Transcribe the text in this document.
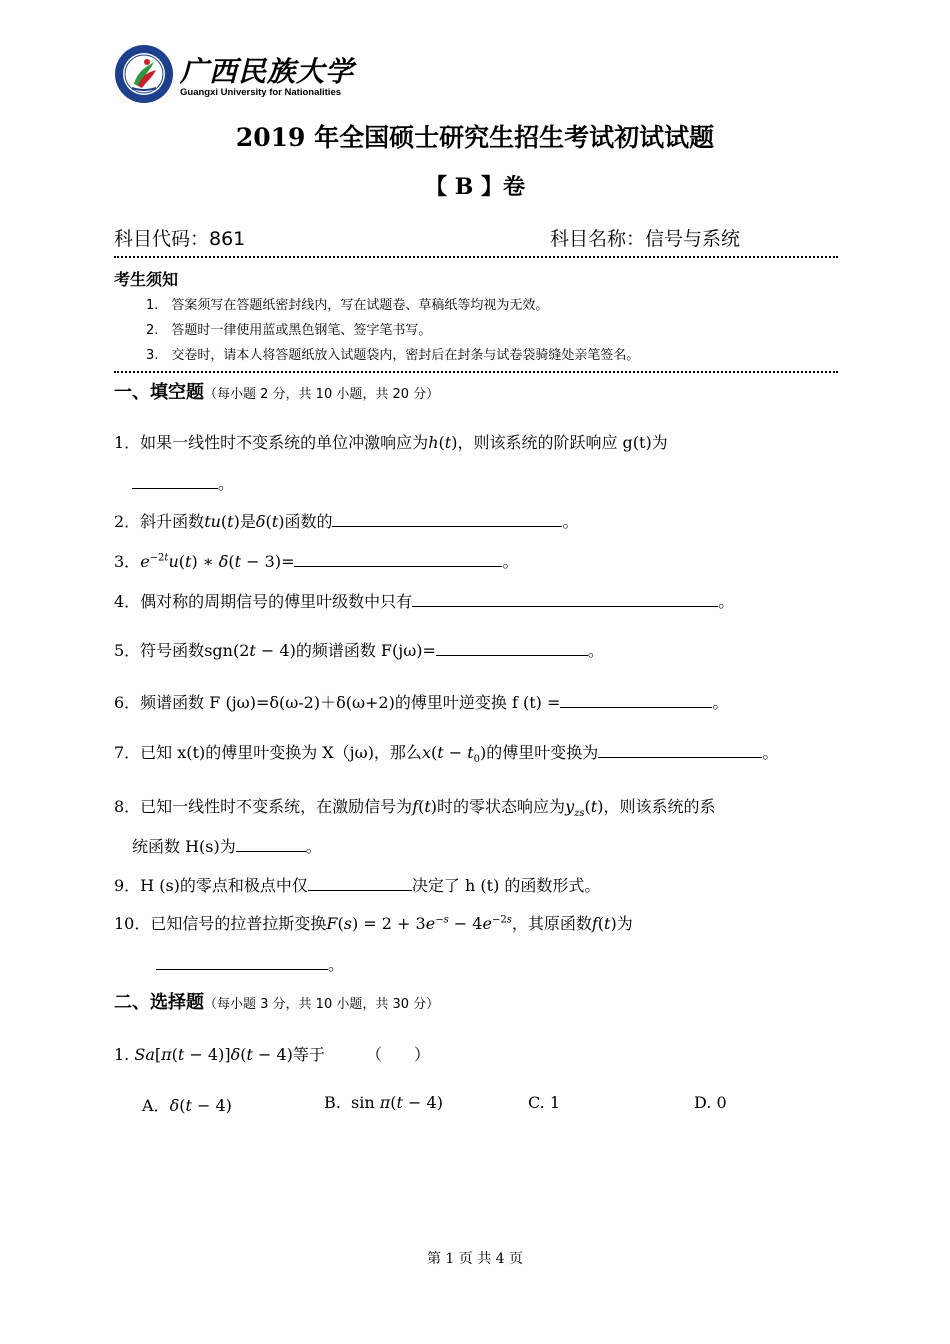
广西民族大学
Guangxi University for Nationalities
2019 年全国硕士研究生招生考试初试试题
【 B 】卷
科目代码：861	科目名称：信号与系统
考生须知
1.　答案须写在答题纸密封线内，写在试题卷、草稿纸等均视为无效。
2.　答题时一律使用蓝或黑色钢笔、签字笔书写。
3.　交卷时，请本人将答题纸放入试题袋内，密封后在封条与试卷袋骑缝处亲笔签名。
一、填空题（每小题 2 分，共 10 小题，共 20 分）
1．如果一线性时不变系统的单位冲激响应为h(t)，则该系统的阶跃响应 g(t)为
。
2．斜升函数tu(t)是δ(t)函数的	。
3．$e^{-2t}u(t)$ ∗ δ(t − 3)=	。
4．偶对称的周期信号的傅里叶级数中只有	。
5．符号函数sgn(2t − 4)的频谱函数 F(jω)=	。
6．频谱函数 F (jω)=δ(ω-2)＋δ(ω+2)的傅里叶逆变换 f (t) =	。
7．已知 x(t)的傅里叶变换为 X（jω)，那么$x(t - t_0)$的傅里叶变换为	。
8．已知一线性时不变系统，在激励信号为f(t)时的零状态响应为$y_{zs}(t)$，则该系统的系
统函数 H(s)为	。
9．H (s)的零点和极点中仅	决定了 h (t) 的函数形式。
10．已知信号的拉普拉斯变换$F(s) = 2 + 3e^{-s} - 4e^{-2s}$，其原函数f(t)为
。
二、选择题（每小题 3 分，共 10 小题，共 30 分）
1. Sa[π(t − 4)]δ(t − 4)等于	（　　）
A．δ(t − 4)	B.  sin π(t − 4)	C. 1	D. 0
第 1 页 共 4 页
